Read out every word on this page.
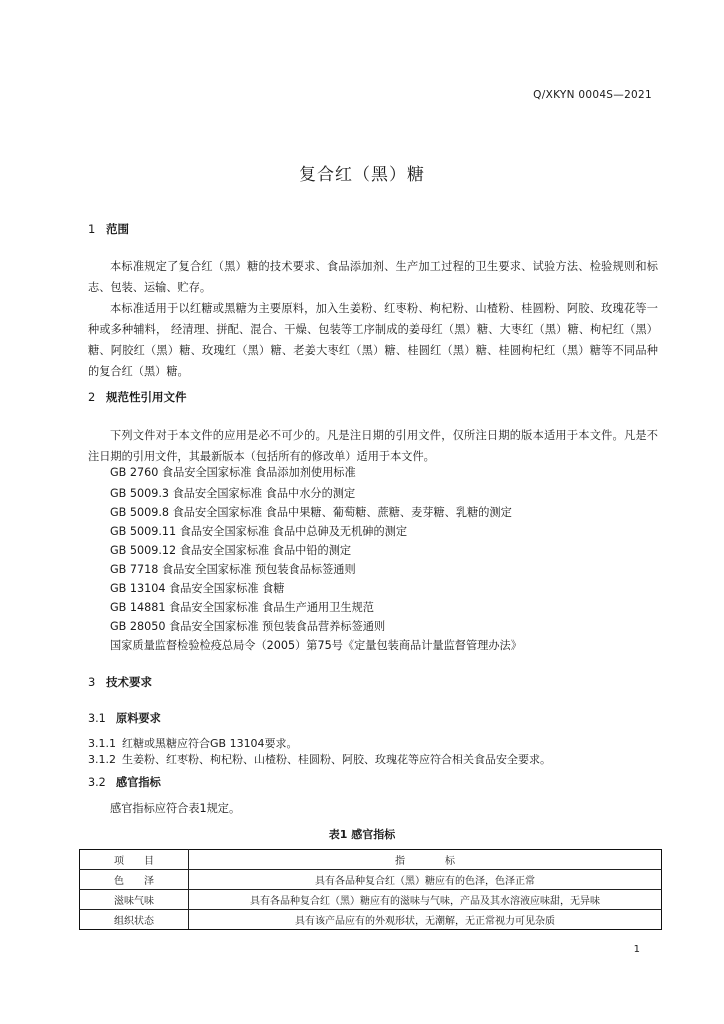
Q/XKYN 0004S—2021
复合红（黑）糖
1 范围

本标准规定了复合红（黑）糖的技术要求、食品添加剂、生产加工过程的卫生要求、试验方法、检验规则和标志、包装、运输、贮存。

本标准适用于以红糖或黑糖为主要原料，加入生姜粉、红枣粉、枸杞粉、山楂粉、桂圆粉、阿胶、玫瑰花等一种或多种辅料， 经清理、拼配、混合、干燥、包装等工序制成的姜母红（黑）糖、大枣红（黑）糖、枸杞红（黑）糖、阿胶红（黑）糖、玫瑰红（黑）糖、老姜大枣红（黑）糖、桂圆红（黑）糖、桂圆枸杞红（黑）糖等不同品种的复合红（黑）糖。

2 规范性引用文件

下列文件对于本文件的应用是必不可少的。凡是注日期的引用文件，仅所注日期的版本适用于本文件。凡是不注日期的引用文件，其最新版本（包括所有的修改单）适用于本文件。

GB 2760 食品安全国家标准 食品添加剂使用标准
GB 5009.3 食品安全国家标准 食品中水分的测定
GB 5009.8 食品安全国家标准 食品中果糖、葡萄糖、蔗糖、麦芽糖、乳糖的测定
GB 5009.11 食品安全国家标准 食品中总砷及无机砷的测定
GB 5009.12 食品安全国家标准 食品中铅的测定
GB 7718 食品安全国家标准 预包装食品标签通则
GB 13104 食品安全国家标准 食糖
GB 14881 食品安全国家标准 食品生产通用卫生规范
GB 28050 食品安全国家标准 预包装食品营养标签通则
国家质量监督检验检疫总局令（2005）第75号《定量包装商品计量监督管理办法》
3 技术要求
3.1 原料要求
3.1.1 红糖或黑糖应符合GB 13104要求。
3.1.2 生姜粉、红枣粉、枸杞粉、山楂粉、桂圆粉、阿胶、玫瑰花等应符合相关食品安全要求。
3.2 感官指标
感官指标应符合表1规定。
表1 感官指标
项　　目	指　　　　标
色　　泽	具有各品种复合红（黑）糖应有的色泽，色泽正常
滋味气味	具有各品种复合红（黑）糖应有的滋味与气味，产品及其水溶液应味甜，无异味
组织状态	具有该产品应有的外观形状，无潮解，无正常视力可见杂质
1
